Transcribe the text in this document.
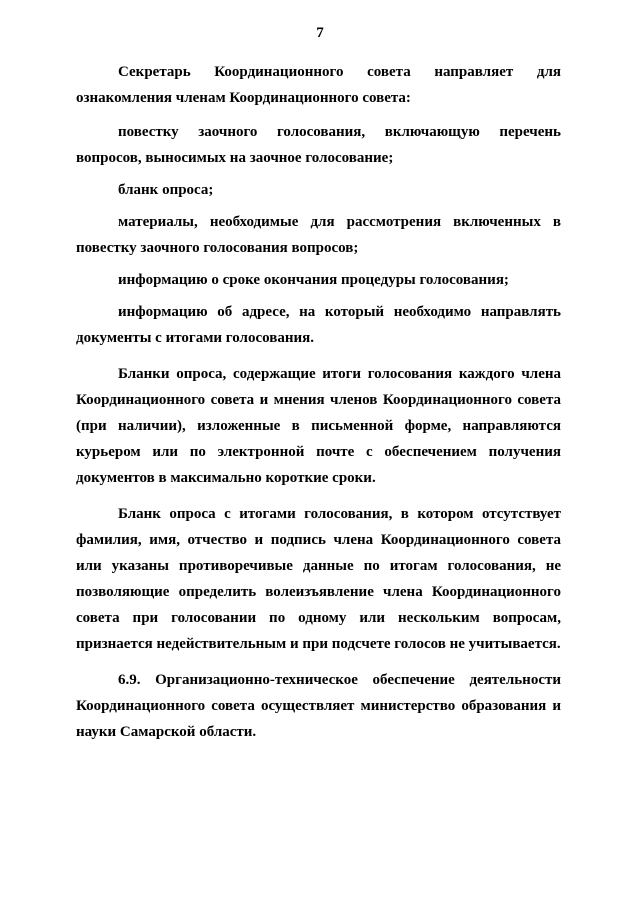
7

Секретарь Координационного совета направляет для ознакомления членам Координационного совета:

повестку заочного голосования, включающую перечень вопросов, выносимых на заочное голосование;

бланк опроса;

материалы, необходимые для рассмотрения включенных в повестку заочного голосования вопросов;

информацию о сроке окончания процедуры голосования;

информацию об адресе, на который необходимо направлять документы с итогами голосования.

Бланки опроса, содержащие итоги голосования каждого члена Координационного совета и мнения членов Координационного совета (при наличии), изложенные в письменной форме, направляются курьером или по электронной почте с обеспечением получения документов в максимально короткие сроки.

Бланк опроса с итогами голосования, в котором отсутствует фамилия, имя, отчество и подпись члена Координационного совета или указаны противоречивые данные по итогам голосования, не позволяющие определить волеизъявление члена Координационного совета при голосовании по одному или нескольким вопросам, признается недействительным и при подсчете голосов не учитывается.

6.9. Организационно-техническое обеспечение деятельности Координационного совета осуществляет министерство образования и науки Самарской области.
